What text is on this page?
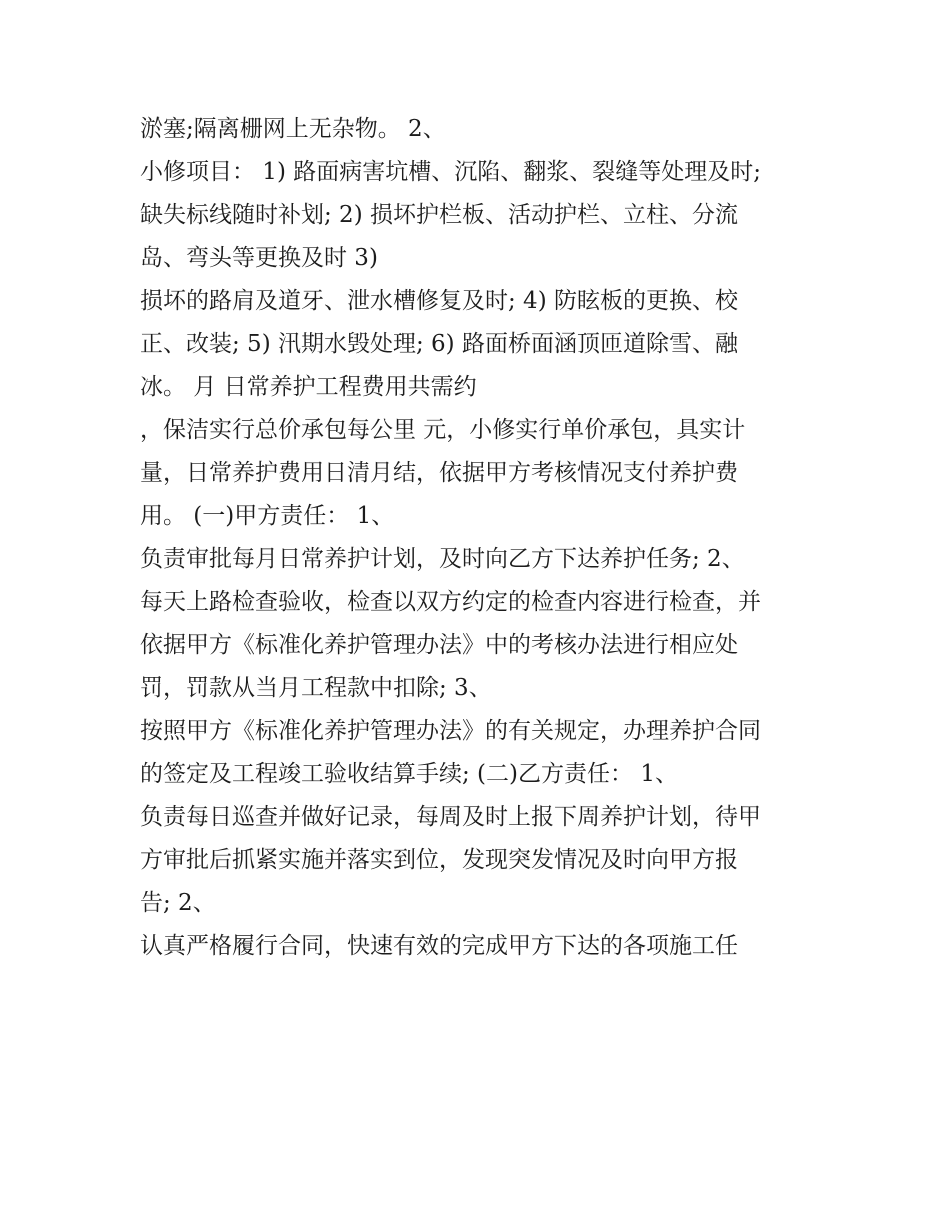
淤塞;隔离栅网上无杂物。 2、
小修项目： 1) 路面病害坑槽、沉陷、翻浆、裂缝等处理及时;
缺失标线随时补划; 2) 损坏护栏板、活动护栏、立柱、分流
岛、弯头等更换及时 3)
损坏的路肩及道牙、泄水槽修复及时; 4) 防眩板的更换、校
正、改装; 5) 汛期水毁处理; 6) 路面桥面涵顶匝道除雪、融
冰。 月 日常养护工程费用共需约
，保洁实行总价承包每公里 元，小修实行单价承包，具实计
量，日常养护费用日清月结，依据甲方考核情况支付养护费
用。 (一)甲方责任： 1、
负责审批每月日常养护计划，及时向乙方下达养护任务; 2、
每天上路检查验收，检查以双方约定的检查内容进行检查，并
依据甲方《标准化养护管理办法》中的考核办法进行相应处
罚，罚款从当月工程款中扣除; 3、
按照甲方《标准化养护管理办法》的有关规定，办理养护合同
的签定及工程竣工验收结算手续; (二)乙方责任： 1、
负责每日巡查并做好记录，每周及时上报下周养护计划，待甲
方审批后抓紧实施并落实到位，发现突发情况及时向甲方报
告; 2、
认真严格履行合同，快速有效的完成甲方下达的各项施工任
